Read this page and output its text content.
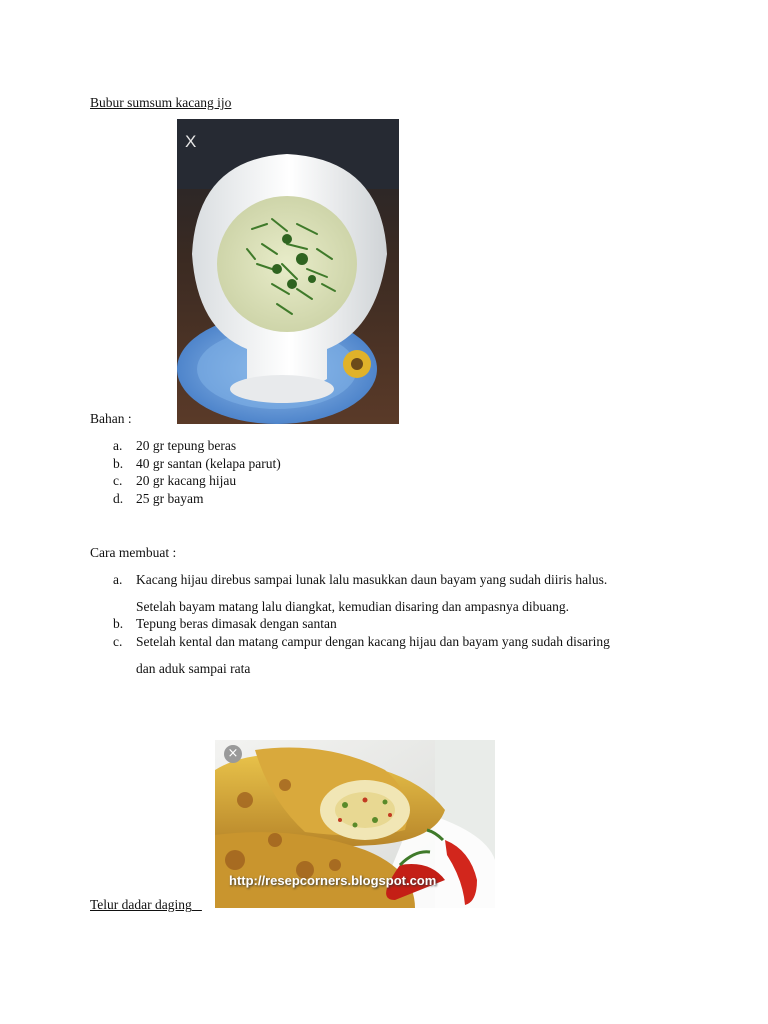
Bubur sumsum kacang ijo
X
Bahan :
a. 20 gr tepung beras
b. 40 gr santan (kelapa parut)
c. 20 gr kacang hijau
d. 25 gr bayam
Cara membuat :
a. Kacang hijau direbus sampai lunak lalu masukkan daun bayam yang sudah diiris halus.
Setelah bayam matang lalu diangkat, kemudian disaring dan ampasnya dibuang.
b. Tepung beras dimasak dengan santan
c. Setelah kental dan matang campur dengan kacang hijau dan bayam yang sudah disaring
dan aduk sampai rata
×
http://resepcorners.blogspot.com
Telur dadar daging
